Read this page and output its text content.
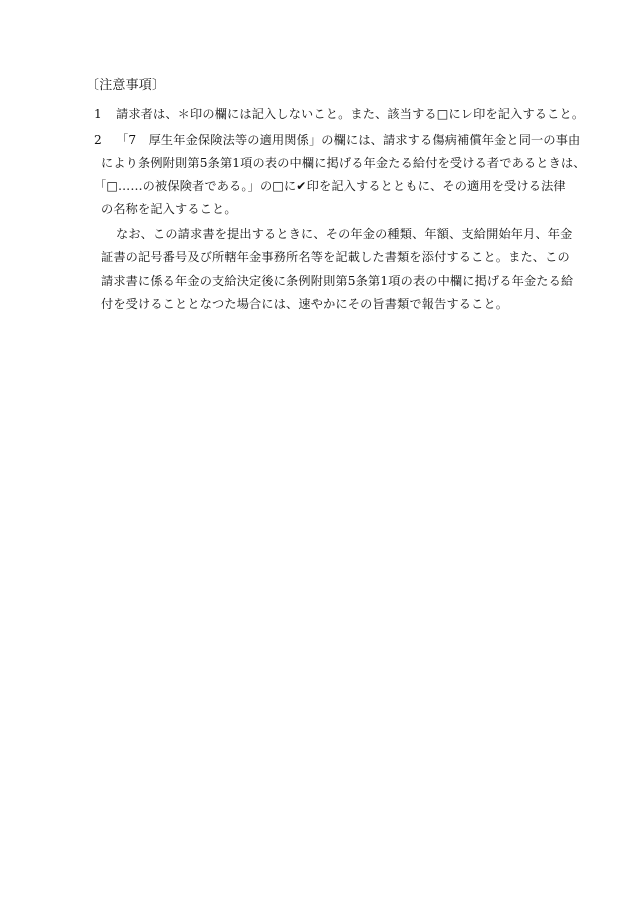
〔注意事項〕
1 請求者は、＊印の欄には記入しないこと。また、該当する□にレ印を記入すること。
2 「7　厚生年金保険法等の適用関係」の欄には、請求する傷病補償年金と同一の事由
により条例附則第5条第1項の表の中欄に掲げる年金たる給付を受ける者であるときは、
「□……の被保険者である。」の□に✔印を記入するとともに、その適用を受ける法律
の名称を記入すること。
なお、この請求書を提出するときに、その年金の種類、年額、支給開始年月、年金
証書の記号番号及び所轄年金事務所名等を記載した書類を添付すること。また、この
請求書に係る年金の支給決定後に条例附則第5条第1項の表の中欄に掲げる年金たる給
付を受けることとなつた場合には、速やかにその旨書類で報告すること。
